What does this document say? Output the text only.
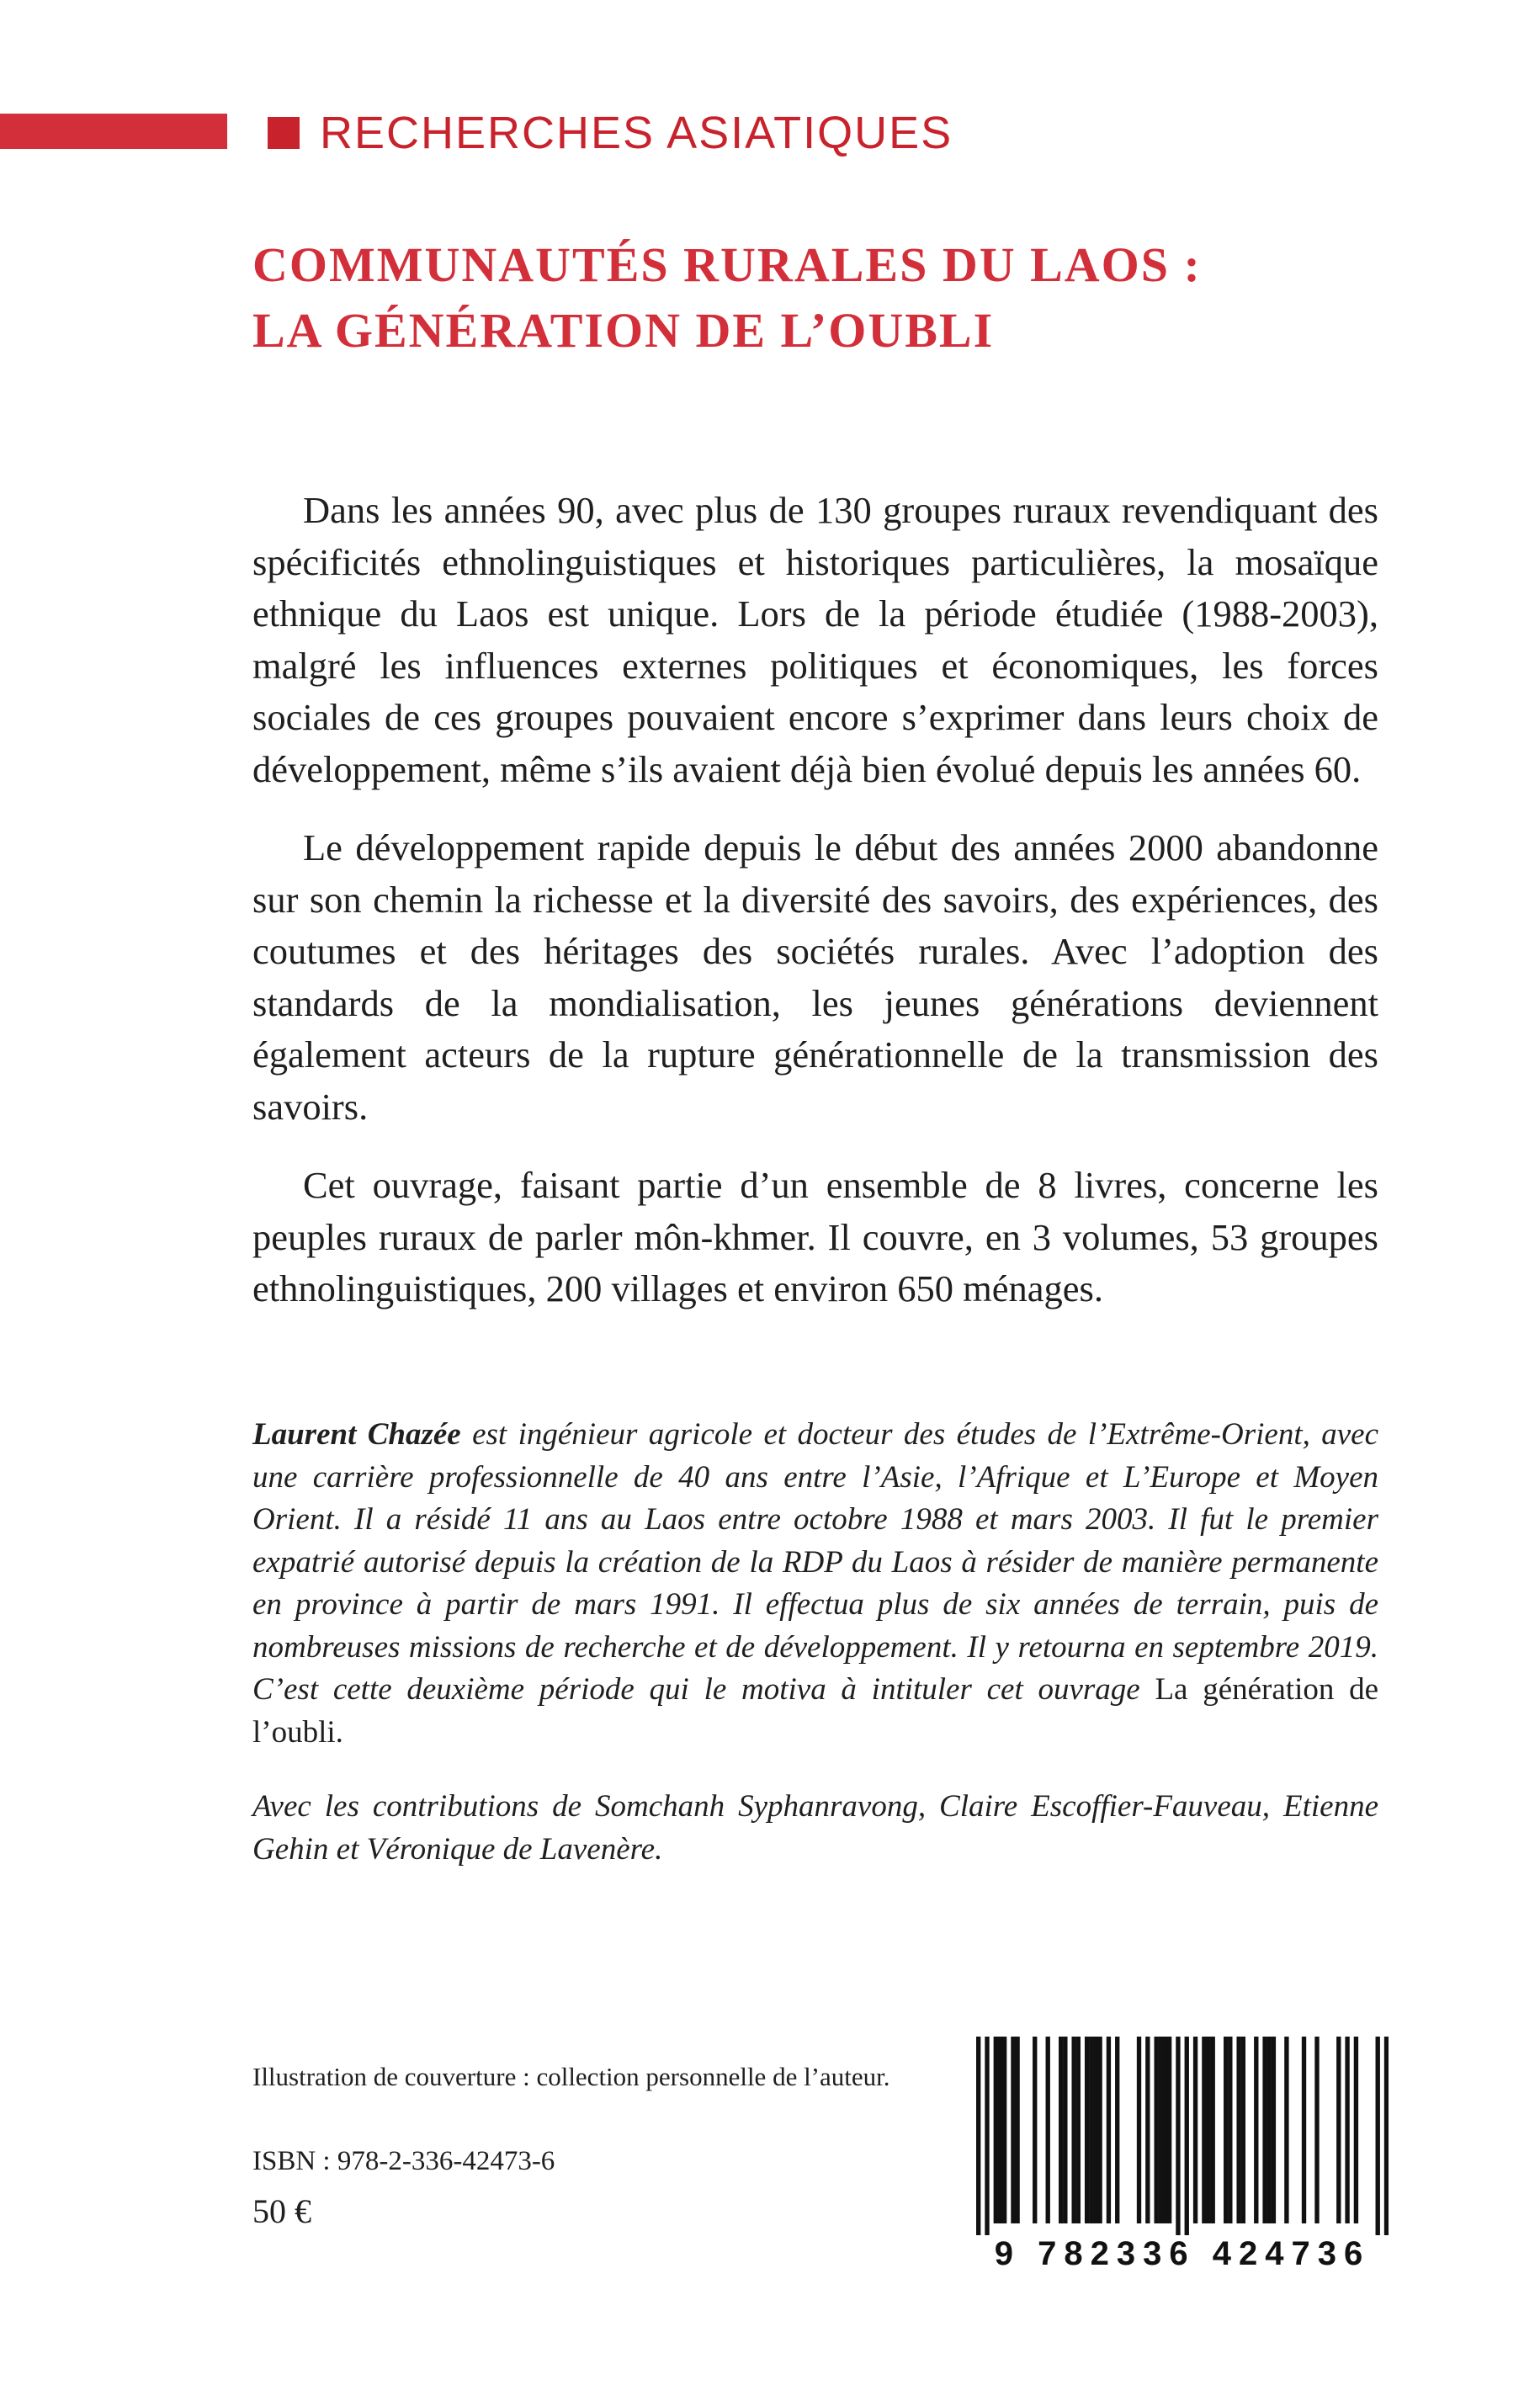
RECHERCHES ASIATIQUES
COMMUNAUTÉS RURALES DU LAOS :
LA GÉNÉRATION DE L’OUBLI

Dans les années 90, avec plus de 130 groupes ruraux revendiquant des spécificités ethnolinguistiques et historiques particulières, la mosaïque ethnique du Laos est unique. Lors de la période étudiée (1988-2003), malgré les influences externes politiques et économiques, les forces sociales de ces groupes pouvaient encore s’exprimer dans leurs choix de développement, même s’ils avaient déjà bien évolué depuis les années 60.

Le développement rapide depuis le début des années 2000 abandonne sur son chemin la richesse et la diversité des savoirs, des expériences, des coutumes et des héritages des sociétés rurales. Avec l’adoption des standards de la mondialisation, les jeunes générations deviennent également acteurs de la rupture générationnelle de la transmission des savoirs.

Cet ouvrage, faisant partie d’un ensemble de 8 livres, concerne les peuples ruraux de parler môn-khmer. Il couvre, en 3 volumes, 53 groupes ethnolinguistiques, 200 villages et environ 650 ménages.

Laurent Chazée est ingénieur agricole et docteur des études de l’Extrême-Orient, avec une carrière professionnelle de 40 ans entre l’Asie, l’Afrique et L’Europe et Moyen Orient. Il a résidé 11 ans au Laos entre octobre 1988 et mars 2003. Il fut le premier expatrié autorisé depuis la création de la RDP du Laos à résider de manière permanente en province à partir de mars 1991. Il effectua plus de six années de terrain, puis de nombreuses missions de recherche et de développement. Il y retourna en septembre 2019. C’est cette deuxième période qui le motiva à intituler cet ouvrage La génération de l’oubli.

Avec les contributions de Somchanh Syphanravong, Claire Escoffier-Fauveau, Etienne Gehin et Véronique de Lavenère.

Illustration de couverture : collection personnelle de l’auteur.
ISBN : 978-2-336-42473-6
50 €
9 782336 424736
